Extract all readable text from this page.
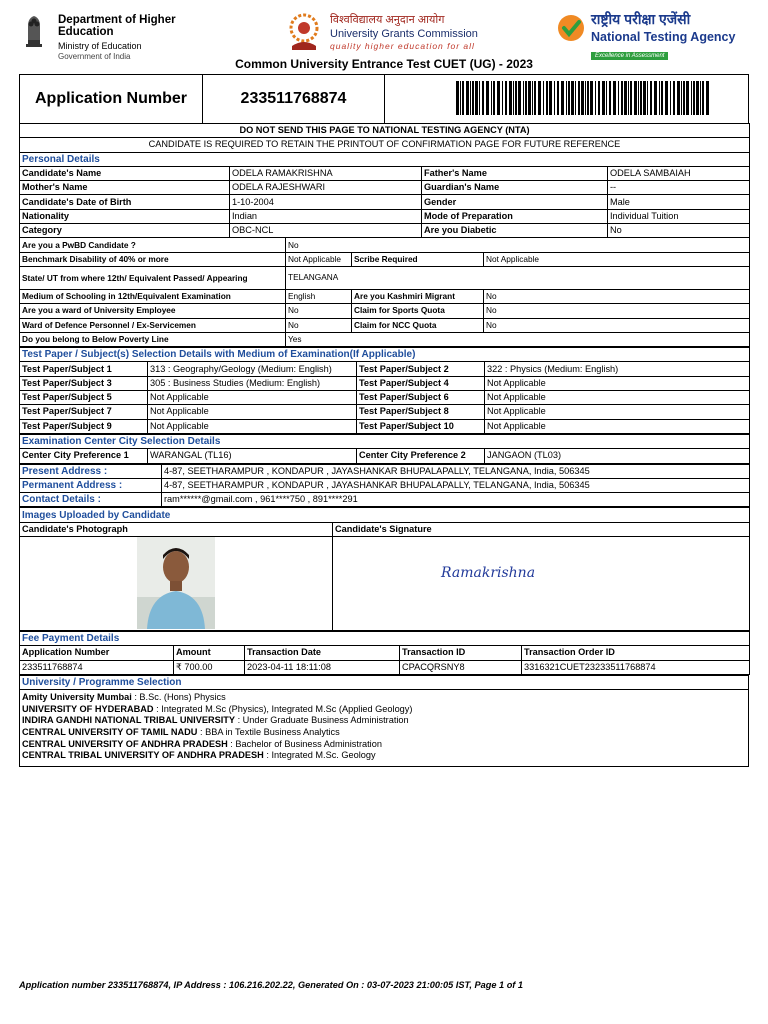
Department of Higher Education
Ministry of Education
Government of India
विश्वविद्यालय अनुदान आयोग
University Grants Commission
quality higher education for all
राष्ट्रीय परीक्षा एजेंसी
National Testing Agency
Excellence in Assessment
Common University Entrance Test CUET (UG) - 2023
Application Number	233511768874
DO NOT SEND THIS PAGE TO NATIONAL TESTING AGENCY (NTA)						
CANDIDATE IS REQUIRED TO RETAIN THE PRINTOUT OF CONFIRMATION PAGE FOR FUTURE REFERENCE						
Personal Details						
Candidate's Name	ODELA RAMAKRISHNA			Father's Name		ODELA SAMBAIAH
Mother's Name	ODELA RAJESHWARI			Guardian's Name		--
Candidate's Date of Birth	1-10-2004			Gender		Male
Nationality	Indian			Mode of Preparation		Individual Tuition
Category	OBC-NCL			Are you Diabetic		No
Are you a PwBD Candidate ?		No				
Benchmark Disability of 40% or more		Not Applicable	Scribe Required		Not Applicable	
State/ UT from where 12th/ Equivalent Passed/ Appearing		TELANGANA				
Medium of Schooling in 12th/Equivalent Examination		English	Are you Kashmiri Migrant		No	
Are you a ward of University Employee		No	Claim for Sports Quota		No	
Ward of Defence Personnel / Ex-Servicemen		No	Claim for NCC Quota		No	
Do you belong to Below Poverty Line		Yes				
Test Paper / Subject(s) Selection Details with Medium of Examination(If Applicable)			
Test Paper/Subject 1	313 : Geography/Geology (Medium: English)	Test Paper/Subject 2	322 : Physics (Medium: English)
Test Paper/Subject 3	305 : Business Studies (Medium: English)	Test Paper/Subject 4	Not Applicable
Test Paper/Subject 5	Not Applicable	Test Paper/Subject 6	Not Applicable
Test Paper/Subject 7	Not Applicable	Test Paper/Subject 8	Not Applicable
Test Paper/Subject 9	Not Applicable	Test Paper/Subject 10	Not Applicable
Examination Center City Selection Details
Center City Preference 1	WARANGAL (TL16)	Center City Preference 2	JANGAON (TL03)
Present Address :	4-87, SEETHARAMPUR , KONDAPUR , JAYASHANKAR BHUPALAPALLY, TELANGANA, India, 506345
Permanent Address :	4-87, SEETHARAMPUR , KONDAPUR , JAYASHANKAR BHUPALAPALLY, TELANGANA, India, 506345
Contact Details :	ram******@gmail.com , 961****750 , 891****291
Images Uploaded by Candidate	
Candidate's Photograph	Candidate's Signature

Ramakrishna
Fee Payment Details				
Application Number	Amount	Transaction Date	Transaction ID	Transaction Order ID
233511768874	₹ 700.00	2023-04-11 18:11:08	CPACQRSNY8	3316321CUET23233511768874
University / Programme Selection

Amity University Mumbai : B.Sc. (Hons) Physics
UNIVERSITY OF HYDERABAD : Integrated M.Sc (Physics), Integrated M.Sc (Applied Geology)
INDIRA GANDHI NATIONAL TRIBAL UNIVERSITY : Under Graduate Business Administration
CENTRAL UNIVERSITY OF TAMIL NADU : BBA in Textile Business Analytics
CENTRAL UNIVERSITY OF ANDHRA PRADESH : Bachelor of Business Administration
CENTRAL TRIBAL UNIVERSITY OF ANDHRA PRADESH : Integrated M.Sc. Geology
Application number 233511768874, IP Address : 106.216.202.22, Generated On : 03-07-2023 21:00:05 IST, Page 1 of 1
